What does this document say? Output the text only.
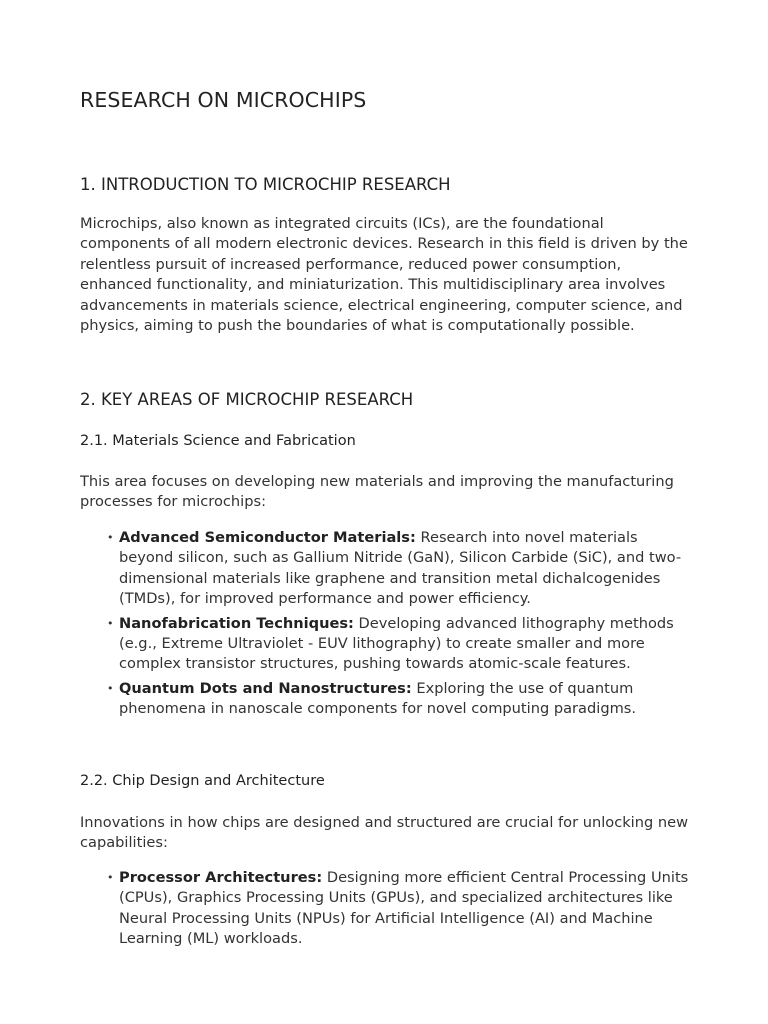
RESEARCH ON MICROCHIPS
1. INTRODUCTION TO MICROCHIP RESEARCH

Microchips, also known as integrated circuits (ICs), are the foundational components of all modern electronic devices. Research in this field is driven by the relentless pursuit of increased performance, reduced power consumption, enhanced functionality, and miniaturization. This multidisciplinary area involves advancements in materials science, electrical engineering, computer science, and physics, aiming to push the boundaries of what is computationally possible.

2. KEY AREAS OF MICROCHIP RESEARCH
2.1. Materials Science and Fabrication

This area focuses on developing new materials and improving the manufacturing processes for microchips:

• Advanced Semiconductor Materials: Research into novel materials beyond silicon, such as Gallium Nitride (GaN), Silicon Carbide (SiC), and two-dimensional materials like graphene and transition metal dichalcogenides (TMDs), for improved performance and power efficiency.
• Nanofabrication Techniques: Developing advanced lithography methods (e.g., Extreme Ultraviolet - EUV lithography) to create smaller and more complex transistor structures, pushing towards atomic-scale features.
• Quantum Dots and Nanostructures: Exploring the use of quantum phenomena in nanoscale components for novel computing paradigms.
2.2. Chip Design and Architecture

Innovations in how chips are designed and structured are crucial for unlocking new capabilities:

• Processor Architectures: Designing more efficient Central Processing Units (CPUs), Graphics Processing Units (GPUs), and specialized architectures like Neural Processing Units (NPUs) for Artificial Intelligence (AI) and Machine Learning (ML) workloads.
